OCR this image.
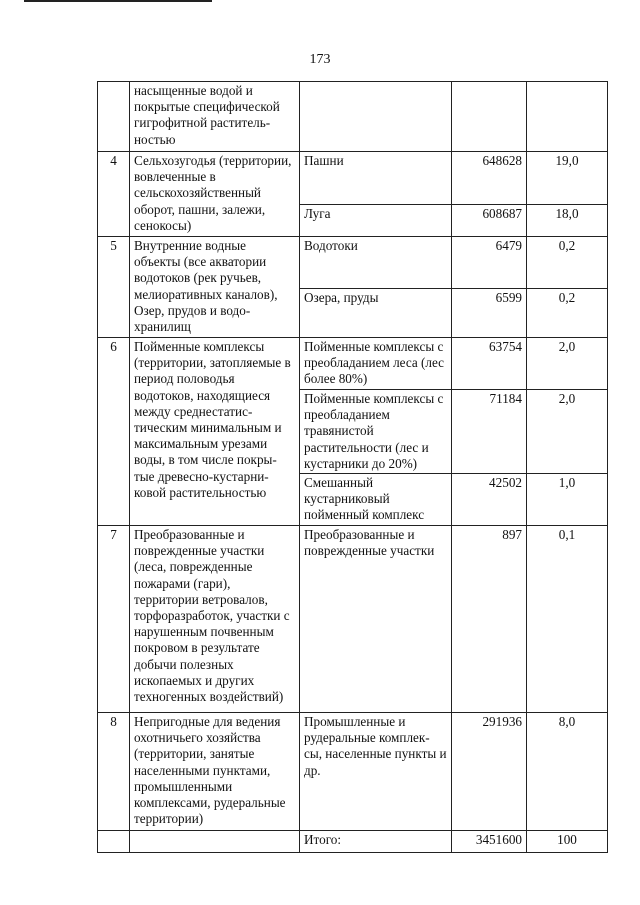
173
	насыщенные водой и покрытые специфической гигрофитной раститель-ностью			
4	Сельхозугодья (территории, вовлеченные в сельскохозяйственный оборот, пашни, залежи, сенокосы)	Пашни	648628	19,0
		Луга	608687	18,0
5	Внутренние водные объекты (все акватории водотоков (рек ручьев, мелиоративных каналов), Озер, прудов и водо-хранилищ	Водотоки	6479	0,2
		Озера, пруды	6599	0,2
6	Пойменные комплексы (территории, затопляемые в период половодья водотоков, находящиеся между среднестатис-тическим минимальным и максимальным урезами воды, в том числе покры-тые древесно-кустарни-ковой растительностью	Пойменные комплексы с преобладанием леса (лес более 80%)	63754	2,0
		Пойменные комплексы с преобладанием травянистой растительности (лес и кустарники до 20%)	71184	2,0
		Смешанный кустарниковый пойменный комплекс	42502	1,0
7	Преобразованные и поврежденные участки (леса, поврежденные пожарами (гари), территории ветровалов, торфоразработок, участки с нарушенным почвенным покровом в результате добычи полезных ископаемых и других техногенных воздействий)	Преобразованные и поврежденные участки	897	0,1
8	Непригодные для ведения охотничьего хозяйства (территории, занятые населенными пунктами, промышленными комплексами, рудеральные территории)	Промышленные и рудеральные комплек-сы, населенные пункты и др.	291936	8,0
		Итого:	3451600	100
